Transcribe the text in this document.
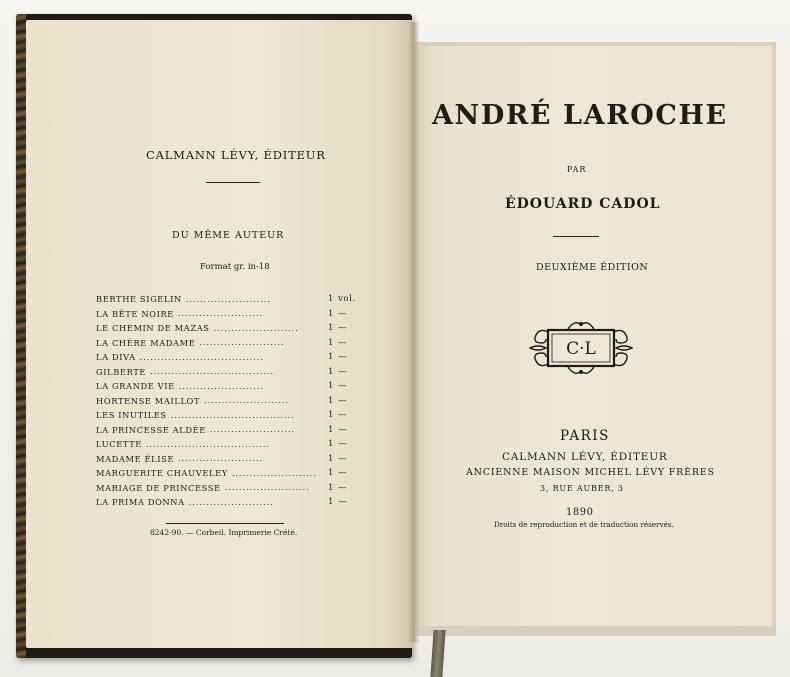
CALMANN LÉVY, ÉDITEUR
DU MÊME AUTEUR
Format gr. in-18
BERTHE SIGELIN ........................	1 vol.
LA BÊTE NOIRE ........................	1 —
LE CHEMIN DE MAZAS ........................	1 —
LA CHÈRE MADAME ........................	1 —
LA DIVA ...................................	1 —
GILBERTE ...................................	1 —
LA GRANDE VIE ........................	1 —
HORTENSE MAILLOT ........................	1 —
LES INUTILES ...................................	1 —
LA PRINCESSE ALDÉE ........................	1 —
LUCETTE ...................................	1 —
MADAME ÉLISE ........................	1 —
MARGUERITE CHAUVELEY ........................	1 —
MARIAGE DE PRINCESSE ........................	1 —
LA PRIMA DONNA ........................	1 —
8242-90. — Corbeil. Imprimerie Crété.
ANDRÉ LAROCHE
PAR
ÉDOUARD CADOL
DEUXIÈME ÉDITION
C·L
PARIS
CALMANN LÉVY, ÉDITEUR
ANCIENNE MAISON MICHEL LÉVY FRÈRES
3, RUE AUBER, 3
1890
Droits de reproduction et de traduction réservés.
